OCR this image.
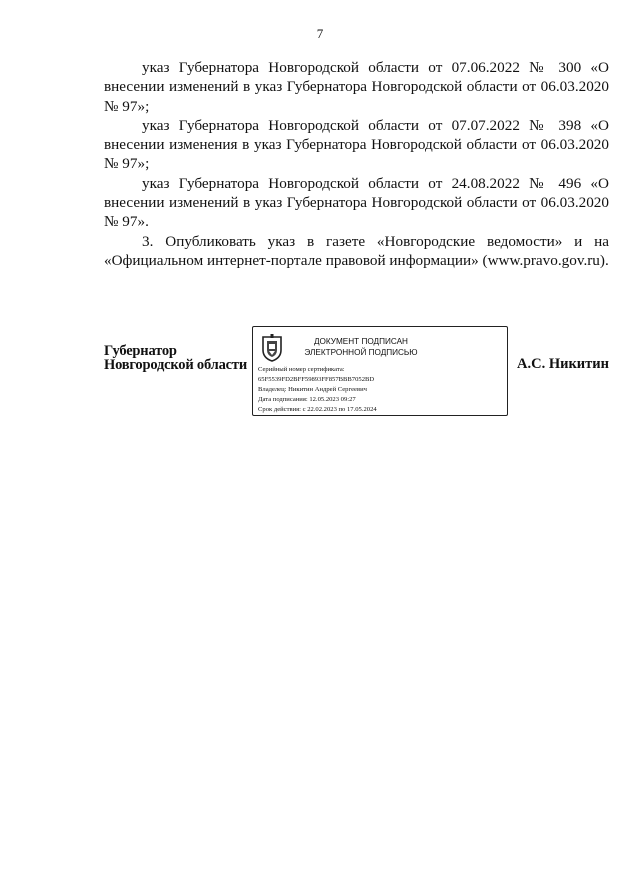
7

указ Губернатора Новгородской области от 07.06.2022 № 300 «О внесении изменений в указ Губернатора Новгородской области от 06.03.2020 № 97»;

указ Губернатора Новгородской области от 07.07.2022 № 398 «О внесении изменения в указ Губернатора Новгородской области от 06.03.2020 № 97»;

указ Губернатора Новгородской области от 24.08.2022 № 496 «О внесении изменений в указ Губернатора Новгородской области от 06.03.2020 № 97».

3. Опубликовать указ в газете «Новгородские ведомости» и на «Официальном интернет-портале правовой информации» (www.pravo.gov.ru).

Губернатор
Новгородской области
ДОКУМЕНТ ПОДПИСАН
ЭЛЕКТРОННОЙ ПОДПИСЬЮ
Серийный номер сертификата:
65F5539FD2BFF59893FF857BBB7052BD
Владелец: Никитин Андрей Сергеевич
Дата подписания: 12.05.2023 09:27
Срок действия: с 22.02.2023 по 17.05.2024
А.С. Никитин
